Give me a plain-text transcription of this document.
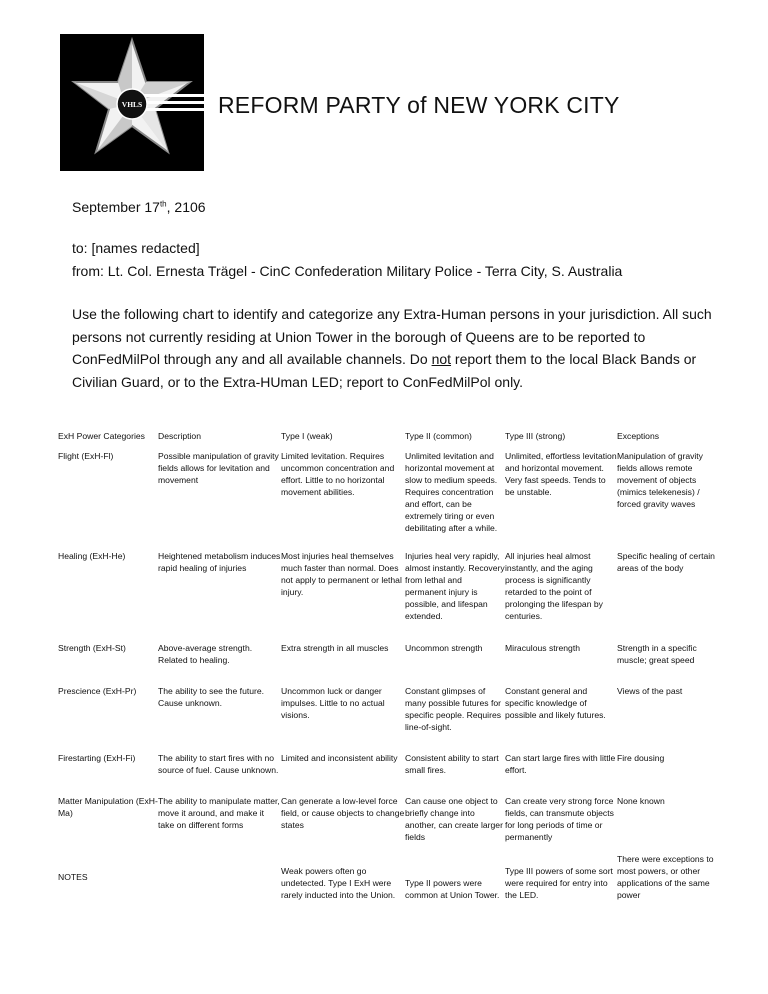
VHLS	REFORM PARTY of NEW YORK CITY
September 17th, 2106
to: [names redacted]
from: Lt. Col. Ernesta Trägel - CinC Confederation Military Police - Terra City, S. Australia
Use the following chart to identify and categorize any Extra-Human persons in your jurisdiction. All such persons not currently residing at Union Tower in the borough of Queens are to be reported to ConFedMilPol through any and all available channels. Do not report them to the local Black Bands or Civilian Guard, or to the Extra-HUman LED; report to ConFedMilPol only.
ExH Power Categories	Description	Type I (weak)	Type II (common)	Type III (strong)	Exceptions
Flight (ExH-Fl)	Possible manipulation of gravity fields allows for levitation and movement	Limited levitation. Requires uncommon concentration and effort. Little to no horizontal movement abilities.	Unlimited levitation and horizontal movement at slow to medium speeds. Requires concentration and effort, can be extremely tiring or even debilitating after a while.	Unlimited, effortless levitation and horizontal movement. Very fast speeds. Tends to be unstable.	Manipulation of gravity fields allows remote movement of objects (mimics telekenesis) / forced gravity waves
Healing (ExH-He)	Heightened metabolism induces rapid healing of injuries	Most injuries heal themselves much faster than normal. Does not apply to permanent or lethal injury.	Injuries heal very rapidly, almost instantly. Recovery from lethal and permanent injury is possible, and lifespan extended.	All injuries heal almost instantly, and the aging process is significantly retarded to the point of prolonging the lifespan by centuries.	Specific healing of certain areas of the body
Strength (ExH-St)	Above-average strength. Related to healing.	Extra strength in all muscles	Uncommon strength	Miraculous strength	Strength in a specific muscle; great speed
Prescience (ExH-Pr)	The ability to see the future. Cause unknown.	Uncommon luck or danger impulses. Little to no actual visions.	Constant glimpses of many possible futures for specific people. Requires line-of-sight.	Constant general and specific knowledge of possible and likely futures.	Views of the past
Firestarting (ExH-Fi)	The ability to start fires with no source of fuel. Cause unknown.	Limited and inconsistent ability	Consistent ability to start small fires.	Can start large fires with little effort.	Fire dousing
Matter Manipulation (ExH-Ma)	The ability to manipulate matter, move it around, and make it take on different forms	Can generate a low-level force field, or cause objects to change states	Can cause one object to briefly change into another, can create larger fields	Can create very strong force fields, can transmute objects for long periods of time or permanently	None known
NOTES		Weak powers often go undetected. Type I ExH were rarely inducted into the Union.	Type II powers were common at Union Tower.	Type III powers of some sort were required for entry into the LED.	There were exceptions to most powers, or other applications of the same power
